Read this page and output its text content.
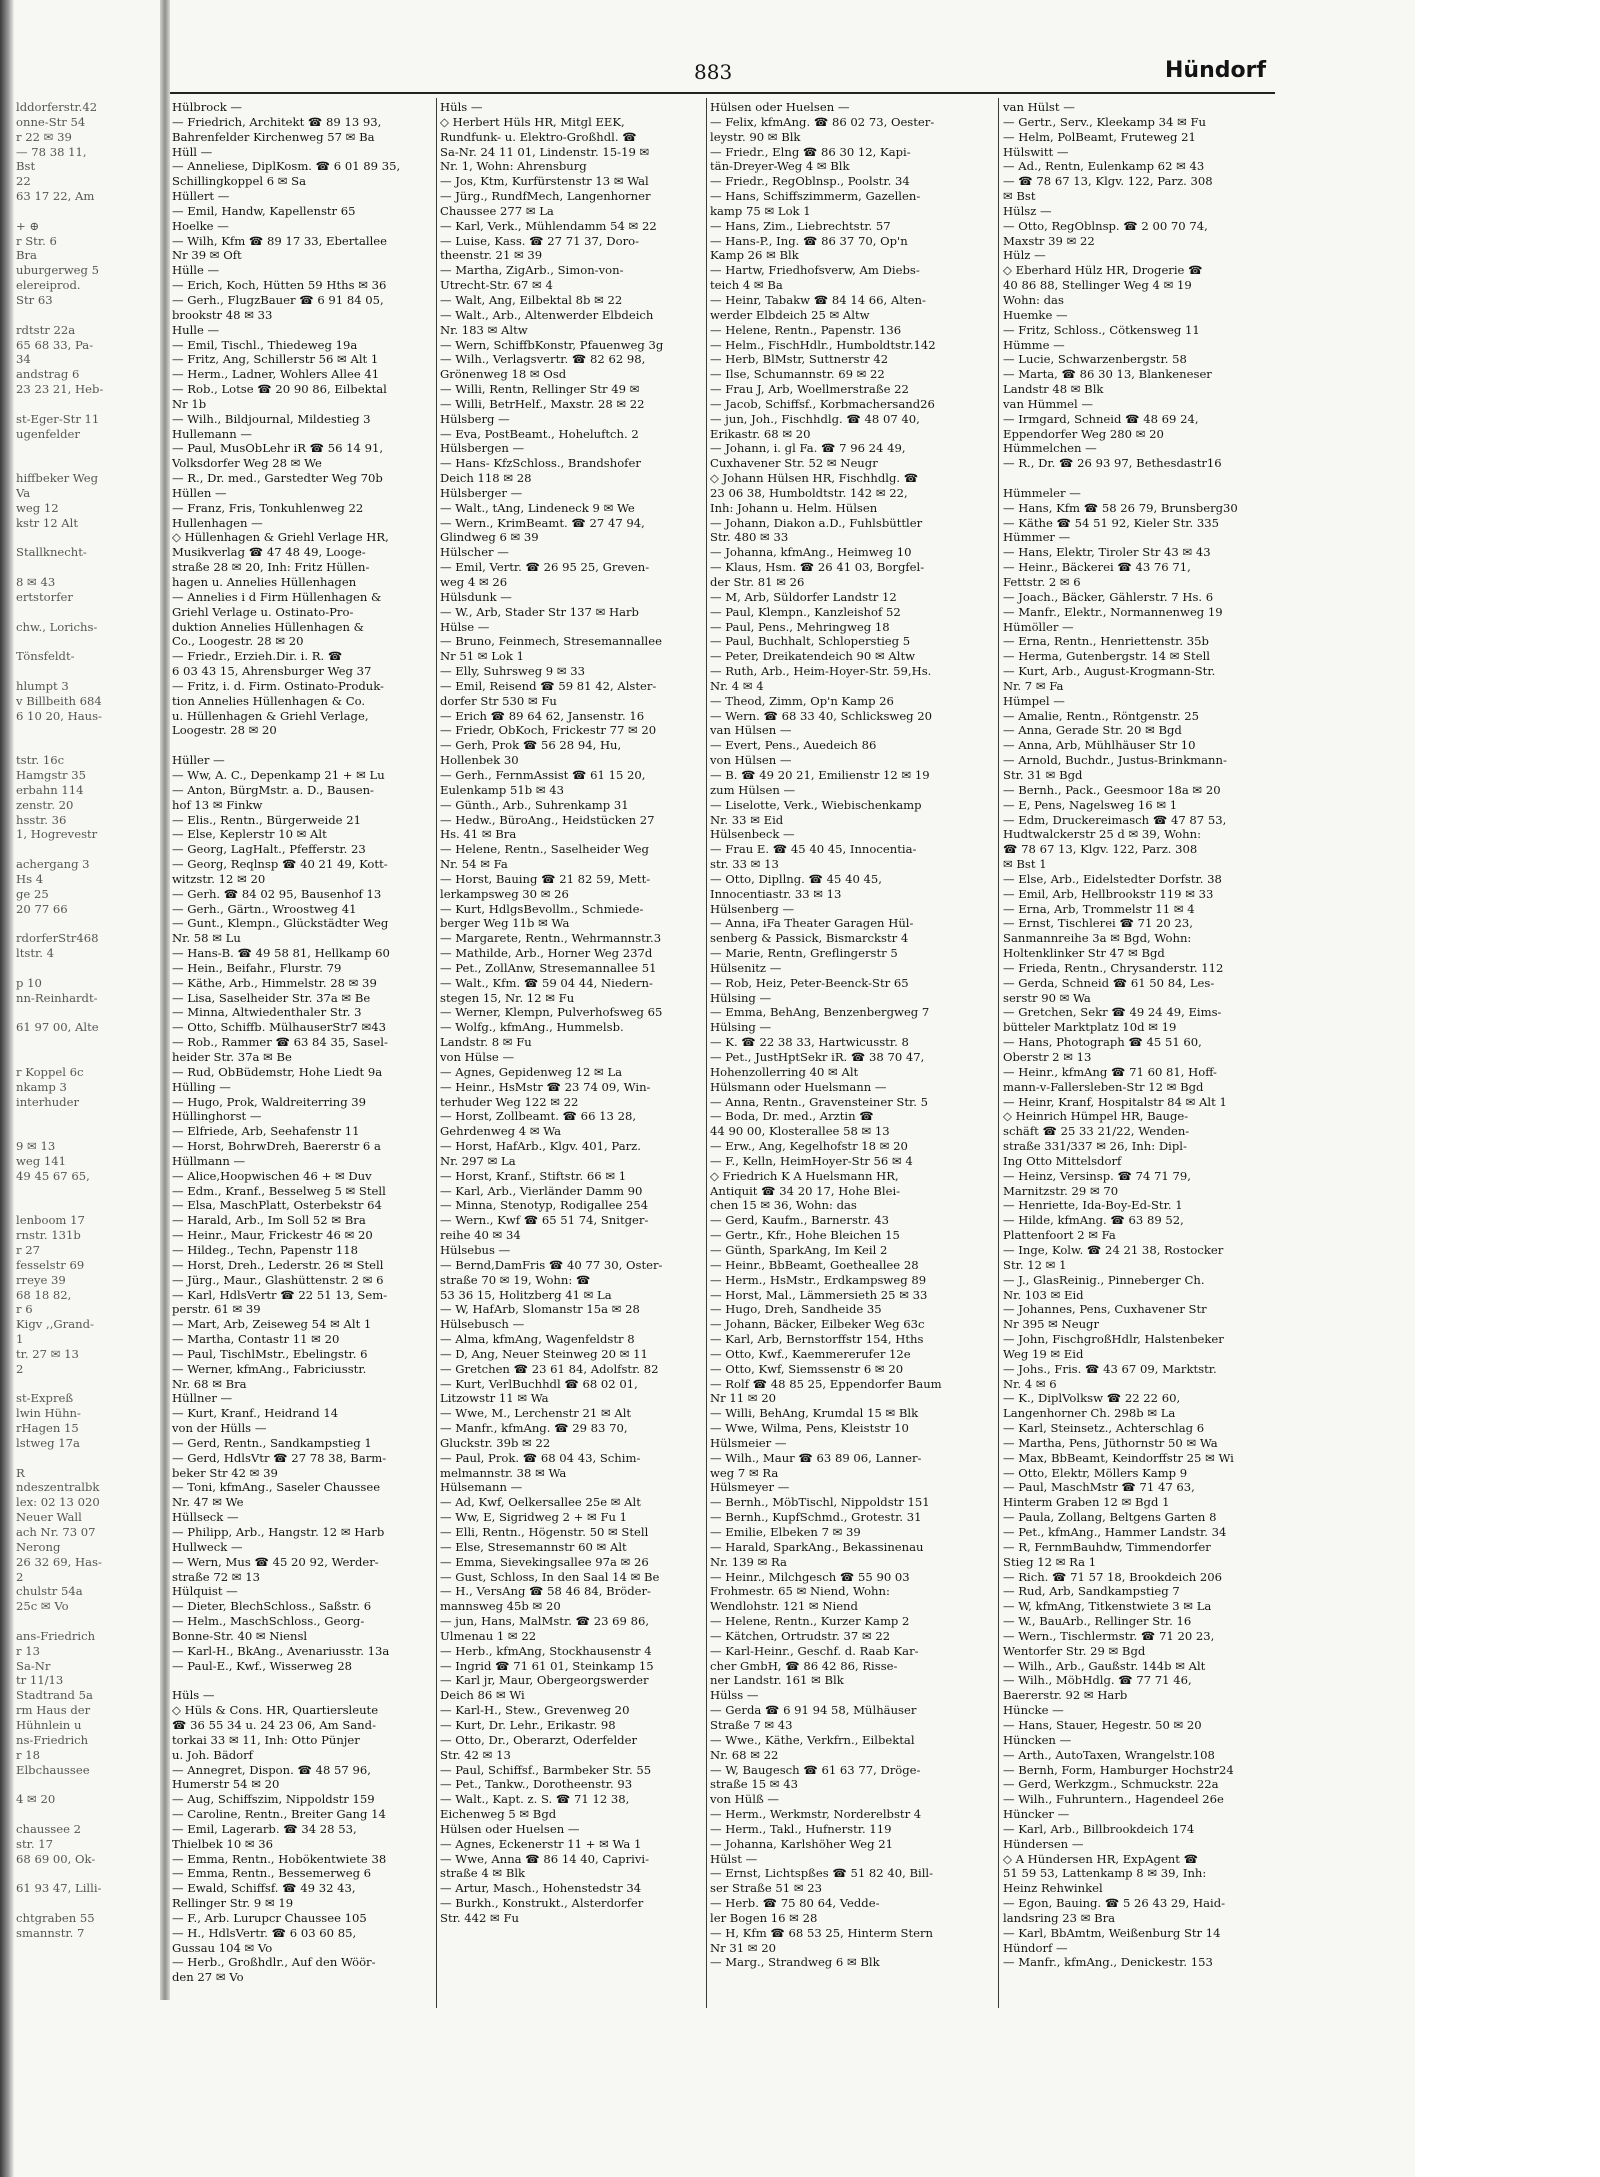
883	Hündorf
lddorferstr.42
onne-Str 54
r 22 ✉ 39
— 78 38 11,
Bst
22
63 17 22, Am

+ ⊕
r Str. 6
Bra
uburgerweg 5
elereiprod.
Str 63

rdtstr 22a
65 68 33, Pa-
34
andstrag 6
23 23 21, Heb-

st-Eger-Str 11
ugenfelder

hiffbeker Weg
Va
weg 12
kstr 12 Alt

Stallknecht-

8 ✉ 43
ertstorfer

chw., Lorichs-

Tönsfeldt-

hlumpt 3
v Billbeith 684
6 10 20, Haus-

tstr. 16c
Hamgstr 35
erbahn 114
zenstr. 20
hsstr. 36
1, Hogrevestr

achergang 3
Hs 4
ge 25
20 77 66

rdorferStr468
ltstr. 4

p 10
nn-Reinhardt-

61 97 00, Alte

r Koppel 6c
nkamp 3
interhuder

9 ✉ 13
weg 141
49 45 67 65,

lenboom 17
rnstr. 131b
r 27
fesselstr 69
rreye 39
68 18 82,
r 6
Kigv ,,Grand-
1
tr. 27 ✉ 13
2

st-Expreß
lwin Hühn-
rHagen 15
lstweg 17a

R
ndeszentralbk
lex: 02 13 020
Neuer Wall
ach Nr. 73 07
Nerong
26 32 69, Has-
2
chulstr 54a
25c ✉ Vo

ans-Friedrich
r 13
Sa-Nr
tr 11/13
Stadtrand 5a
rm Haus der
Hühnlein u
ns-Friedrich
r 18
Elbchaussee

4 ✉ 20

chaussee 2
str. 17
68 69 00, Ok-

61 93 47, Lilli-

chtgraben 55
smannstr. 7
Hülbrock —
— Friedrich, Architekt ☎ 89 13 93,
Bahrenfelder Kirchenweg 57 ✉ Ba
Hüll —
— Anneliese, DiplKosm. ☎ 6 01 89 35,
Schillingkoppel 6 ✉ Sa
Hüllert —
— Emil, Handw, Kapellenstr 65
Hoelke —
— Wilh, Kfm ☎ 89 17 33, Ebertallee
Nr 39 ✉ Oft
Hülle —
— Erich, Koch, Hütten 59 Hths ✉ 36
— Gerh., FlugzBauer ☎ 6 91 84 05,
brookstr 48 ✉ 33
Hulle —
— Emil, Tischl., Thiedeweg 19a
— Fritz, Ang, Schillerstr 56 ✉ Alt 1
— Herm., Ladner, Wohlers Allee 41
— Rob., Lotse ☎ 20 90 86, Eilbektal
Nr 1b
— Wilh., Bildjournal, Mildestieg 3
Hullemann —
— Paul, MusObLehr iR ☎ 56 14 91,
Volksdorfer Weg 28 ✉ We
— R., Dr. med., Garstedter Weg 70b
Hüllen —
— Franz, Fris, Tonkuhlenweg 22
Hullenhagen —
◇ Hüllenhagen & Griehl Verlage HR,
Musikverlag ☎ 47 48 49, Looge-
straße 28 ✉ 20, Inh: Fritz Hüllen-
hagen u. Annelies Hüllenhagen
— Annelies i d Firm Hüllenhagen &
Griehl Verlage u. Ostinato-Pro-
duktion Annelies Hüllenhagen &
Co., Loogestr. 28 ✉ 20
— Friedr., Erzieh.Dir. i. R. ☎
6 03 43 15, Ahrensburger Weg 37
— Fritz, i. d. Firm. Ostinato-Produk-
tion Annelies Hüllenhagen & Co.
u. Hüllenhagen & Griehl Verlage,
Loogestr. 28 ✉ 20

Hüller —
— Ww, A. C., Depenkamp 21 + ✉ Lu
— Anton, BürgMstr. a. D., Bausen-
hof 13 ✉ Finkw
— Elis., Rentn., Bürgerweide 21
— Else, Keplerstr 10 ✉ Alt
— Georg, LagHalt., Pfefferstr. 23
— Georg, Reqlnsp ☎ 40 21 49, Kott-
witzstr. 12 ✉ 20
— Gerh. ☎ 84 02 95, Bausenhof 13
— Gerh., Gärtn., Wroostweg 41
— Gunt., Klempn., Glückstädter Weg
Nr. 58 ✉ Lu
— Hans-B. ☎ 49 58 81, Hellkamp 60
— Hein., Beifahr., Flurstr. 79
— Käthe, Arb., Himmelstr. 28 ✉ 39
— Lisa, Saselheider Str. 37a ✉ Be
— Minna, Altwiedenthaler Str. 3
— Otto, Schiffb. MülhauserStr7 ✉43
— Rob., Rammer ☎ 63 84 35, Sasel-
heider Str. 37a ✉ Be
— Rud, ObBüdemstr, Hohe Liedt 9a
Hülling —
— Hugo, Prok, Waldreiterring 39
Hüllinghorst —
— Elfriede, Arb, Seehafenstr 11
— Horst, BohrwDreh, Baererstr 6 a
Hüllmann —
— Alice,Hoopwischen 46 + ✉ Duv
— Edm., Kranf., Besselweg 5 ✉ Stell
— Elsa, MaschPlatt, Osterbekstr 64
— Harald, Arb., Im Soll 52 ✉ Bra
— Heinr., Maur, Frickestr 46 ✉ 20
— Hildeg., Techn, Papenstr 118
— Horst, Dreh., Lederstr. 26 ✉ Stell
— Jürg., Maur., Glashüttenstr. 2 ✉ 6
— Karl, HdlsVertr ☎ 22 51 13, Sem-
perstr. 61 ✉ 39
— Mart, Arb, Zeiseweg 54 ✉ Alt 1
— Martha, Contastr 11 ✉ 20
— Paul, TischlMstr., Ebelingstr. 6
— Werner, kfmAng., Fabriciusstr.
Nr. 68 ✉ Bra
Hüllner —
— Kurt, Kranf., Heidrand 14
von der Hülls —
— Gerd, Rentn., Sandkampstieg 1
— Gerd, HdlsVtr ☎ 27 78 38, Barm-
beker Str 42 ✉ 39
— Toni, kfmAng., Saseler Chaussee
Nr. 47 ✉ We
Hüllseck —
— Philipp, Arb., Hangstr. 12 ✉ Harb
Hullweck —
— Wern, Mus ☎ 45 20 92, Werder-
straße 72 ✉ 13
Hülquist —
— Dieter, BlechSchloss., Saßstr. 6
— Helm., MaschSchloss., Georg-
Bonne-Str. 40 ✉ Niensl
— Karl-H., BkAng., Avenariusstr. 13a
— Paul-E., Kwf., Wisserweg 28

Hüls —
◇ Hüls & Cons. HR, Quartiersleute
☎ 36 55 34 u. 24 23 06, Am Sand-
torkai 33 ✉ 11, Inh: Otto Pünjer
u. Joh. Bädorf
— Annegret, Dispon. ☎ 48 57 96,
Humerstr 54 ✉ 20
— Aug, Schiffszim, Nippoldstr 159
— Caroline, Rentn., Breiter Gang 14
— Emil, Lagerarb. ☎ 34 28 53,
Thielbek 10 ✉ 36
— Emma, Rentn., Hobökentwiete 38
— Emma, Rentn., Bessemerweg 6
— Ewald, Schiffsf. ☎ 49 32 43,
Rellinger Str. 9 ✉ 19
— F., Arb. Lurupcr Chaussee 105
— H., HdlsVertr. ☎ 6 03 60 85,
Gussau 104 ✉ Vo
— Herb., Großhdlr., Auf den Wöör-
den 27 ✉ Vo
Hüls —
◇ Herbert Hüls HR, Mitgl EEK,
Rundfunk- u. Elektro-Großhdl. ☎
Sa-Nr. 24 11 01, Lindenstr. 15-19 ✉
Nr. 1, Wohn: Ahrensburg
— Jos, Ktm, Kurfürstenstr 13 ✉ Wal
— Jürg., RundfMech, Langenhorner
Chaussee 277 ✉ La
— Karl, Verk., Mühlendamm 54 ✉ 22
— Luise, Kass. ☎ 27 71 37, Doro-
theenstr. 21 ✉ 39
— Martha, ZigArb., Simon-von-
Utrecht-Str. 67 ✉ 4
— Walt, Ang, Eilbektal 8b ✉ 22
— Walt., Arb., Altenwerder Elbdeich
Nr. 183 ✉ Altw
— Wern, SchiffbKonstr, Pfauenweg 3g
— Wilh., Verlagsvertr. ☎ 82 62 98,
Grönenweg 18 ✉ Osd
— Willi, Rentn, Rellinger Str 49 ✉
— Willi, BetrHelf., Maxstr. 28 ✉ 22
Hülsberg —
— Eva, PostBeamt., Hoheluftch. 2
Hülsbergen —
— Hans- KfzSchloss., Brandshofer
Deich 118 ✉ 28
Hülsberger —
— Walt., tAng, Lindeneck 9 ✉ We
— Wern., KrimBeamt. ☎ 27 47 94,
Glindweg 6 ✉ 39
Hülscher —
— Emil, Vertr. ☎ 26 95 25, Greven-
weg 4 ✉ 26
Hülsdunk —
— W., Arb, Stader Str 137 ✉ Harb
Hülse —
— Bruno, Feinmech, Stresemannallee
Nr 51 ✉ Lok 1
— Elly, Suhrsweg 9 ✉ 33
— Emil, Reisend ☎ 59 81 42, Alster-
dorfer Str 530 ✉ Fu
— Erich ☎ 89 64 62, Jansenstr. 16
— Friedr, ObKoch, Frickestr 77 ✉ 20
— Gerh, Prok ☎ 56 28 94, Hu,
Hollenbek 30
— Gerh., FernmAssist ☎ 61 15 20,
Eulenkamp 51b ✉ 43
— Günth., Arb., Suhrenkamp 31
— Hedw., BüroAng., Heidstücken 27
Hs. 41 ✉ Bra
— Helene, Rentn., Saselheider Weg
Nr. 54 ✉ Fa
— Horst, Bauing ☎ 21 82 59, Mett-
lerkampsweg 30 ✉ 26
— Kurt, HdlgsBevollm., Schmiede-
berger Weg 11b ✉ Wa
— Margarete, Rentn., Wehrmannstr.3
— Mathilde, Arb., Horner Weg 237d
— Pet., ZollAnw, Stresemannallee 51
— Walt., Kfm. ☎ 59 04 44, Niedern-
stegen 15, Nr. 12 ✉ Fu
— Werner, Klempn, Pulverhofsweg 65
— Wolfg., kfmAng., Hummelsb.
Landstr. 8 ✉ Fu
von Hülse —
— Agnes, Gepidenweg 12 ✉ La
— Heinr., HsMstr ☎ 23 74 09, Win-
terhuder Weg 122 ✉ 22
— Horst, Zollbeamt. ☎ 66 13 28,
Gehrdenweg 4 ✉ Wa
— Horst, HafArb., Klgv. 401, Parz.
Nr. 297 ✉ La
— Horst, Kranf., Stiftstr. 66 ✉ 1
— Karl, Arb., Vierländer Damm 90
— Minna, Stenotyp, Rodigallee 254
— Wern., Kwf ☎ 65 51 74, Snitger-
reihe 40 ✉ 34
Hülsebus —
— Bernd,DamFris ☎ 40 77 30, Oster-
straße 70 ✉ 19, Wohn: ☎
53 36 15, Holitzberg 41 ✉ La
— W, HafArb, Slomanstr 15a ✉ 28
Hülsebusch —
— Alma, kfmAng, Wagenfeldstr 8
— D, Ang, Neuer Steinweg 20 ✉ 11
— Gretchen ☎ 23 61 84, Adolfstr. 82
— Kurt, VerlBuchhdl ☎ 68 02 01,
Litzowstr 11 ✉ Wa
— Wwe, M., Lerchenstr 21 ✉ Alt
— Manfr., kfmAng. ☎ 29 83 70,
Gluckstr. 39b ✉ 22
— Paul, Prok. ☎ 68 04 43, Schim-
melmannstr. 38 ✉ Wa
Hülsemann —
— Ad, Kwf, Oelkersallee 25e ✉ Alt
— Ww, E, Sigridweg 2 + ✉ Fu 1
— Elli, Rentn., Högenstr. 50 ✉ Stell
— Else, Stresemannstr 60 ✉ Alt
— Emma, Sievekingsallee 97a ✉ 26
— Gust, Schloss, In den Saal 14 ✉ Be
— H., VersAng ☎ 58 46 84, Bröder-
mannsweg 45b ✉ 20
— jun, Hans, MalMstr. ☎ 23 69 86,
Ulmenau 1 ✉ 22
— Herb., kfmAng, Stockhausenstr 4
— Ingrid ☎ 71 61 01, Steinkamp 15
— Karl jr, Maur, Obergeorgswerder
Deich 86 ✉ Wi
— Karl-H., Stew., Grevenweg 20
— Kurt, Dr. Lehr., Erikastr. 98
— Otto, Dr., Oberarzt, Oderfelder
Str. 42 ✉ 13
— Paul, Schiffsf., Barmbeker Str. 55
— Pet., Tankw., Dorotheenstr. 93
— Walt., Kapt. z. S. ☎ 71 12 38,
Eichenweg 5 ✉ Bgd
Hülsen oder Huelsen —
— Agnes, Eckenerstr 11 + ✉ Wa 1
— Wwe, Anna ☎ 86 14 40, Caprivi-
straße 4 ✉ Blk
— Artur, Masch., Hohenstedstr 34
— Burkh., Konstrukt., Alsterdorfer
Str. 442 ✉ Fu
Hülsen oder Huelsen —
— Felix, kfmAng. ☎ 86 02 73, Oester-
leystr. 90 ✉ Blk
— Friedr., Elng ☎ 86 30 12, Kapi-
tän-Dreyer-Weg 4 ✉ Blk
— Friedr., RegOblnsp., Poolstr. 34
— Hans, Schiffszimmerm, Gazellen-
kamp 75 ✉ Lok 1
— Hans, Zim., Liebrechtstr. 57
— Hans-P., Ing. ☎ 86 37 70, Op'n
Kamp 26 ✉ Blk
— Hartw, Friedhofsverw, Am Diebs-
teich 4 ✉ Ba
— Heinr, Tabakw ☎ 84 14 66, Alten-
werder Elbdeich 25 ✉ Altw
— Helene, Rentn., Papenstr. 136
— Helm., FischHdlr., Humboldtstr.142
— Herb, BlMstr, Suttnerstr 42
— Ilse, Schumannstr. 69 ✉ 22
— Frau J, Arb, Woellmerstraße 22
— Jacob, Schiffsf., Korbmachersand26
— jun, Joh., Fischhdlg. ☎ 48 07 40,
Erikastr. 68 ✉ 20
— Johann, i. gl Fa. ☎ 7 96 24 49,
Cuxhavener Str. 52 ✉ Neugr
◇ Johann Hülsen HR, Fischhdlg. ☎
23 06 38, Humboldtstr. 142 ✉ 22,
Inh: Johann u. Helm. Hülsen
— Johann, Diakon a.D., Fuhlsbüttler
Str. 480 ✉ 33
— Johanna, kfmAng., Heimweg 10
— Klaus, Hsm. ☎ 26 41 03, Borgfel-
der Str. 81 ✉ 26
— M, Arb, Süldorfer Landstr 12
— Paul, Klempn., Kanzleishof 52
— Paul, Pens., Mehringweg 18
— Paul, Buchhalt, Schloperstieg 5
— Peter, Dreikatendeich 90 ✉ Altw
— Ruth, Arb., Heim-Hoyer-Str. 59,Hs.
Nr. 4 ✉ 4
— Theod, Zimm, Op'n Kamp 26
— Wern. ☎ 68 33 40, Schlicksweg 20
van Hülsen —
— Evert, Pens., Auedeich 86
von Hülsen —
— B. ☎ 49 20 21, Emilienstr 12 ✉ 19
zum Hülsen —
— Liselotte, Verk., Wiebischenkamp
Nr. 33 ✉ Eid
Hülsenbeck —
— Frau E. ☎ 45 40 45, Innocentia-
str. 33 ✉ 13
— Otto, Dipllng. ☎ 45 40 45,
Innocentiastr. 33 ✉ 13
Hülsenberg —
— Anna, iFa Theater Garagen Hül-
senberg & Passick, Bismarckstr 4
— Marie, Rentn, Greflingerstr 5
Hülsenitz —
— Rob, Heiz, Peter-Beenck-Str 65
Hülsing —
— Emma, BehAng, Benzenbergweg 7
Hülsing —
— K. ☎ 22 38 33, Hartwicusstr. 8
— Pet., JustHptSekr iR. ☎ 38 70 47,
Hohenzollerring 40 ✉ Alt
Hülsmann oder Huelsmann —
— Anna, Rentn., Gravensteiner Str. 5
— Boda, Dr. med., Arztin ☎
44 90 00, Klosterallee 58 ✉ 13
— Erw., Ang, Kegelhofstr 18 ✉ 20
— F., Kelln, HeimHoyer-Str 56 ✉ 4
◇ Friedrich K A Huelsmann HR,
Antiquit ☎ 34 20 17, Hohe Blei-
chen 15 ✉ 36, Wohn: das
— Gerd, Kaufm., Barnerstr. 43
— Gertr., Kfr., Hohe Bleichen 15
— Günth, SparkAng, Im Keil 2
— Heinr., BbBeamt, Goetheallee 28
— Herm., HsMstr., Erdkampsweg 89
— Horst, Mal., Lämmersieth 25 ✉ 33
— Hugo, Dreh, Sandheide 35
— Johann, Bäcker, Eilbeker Weg 63c
— Karl, Arb, Bernstorffstr 154, Hths
— Otto, Kwf., Kaemmererufer 12e
— Otto, Kwf, Siemssenstr 6 ✉ 20
— Rolf ☎ 48 85 25, Eppendorfer Baum
Nr 11 ✉ 20
— Willi, BehAng, Krumdal 15 ✉ Blk
— Wwe, Wilma, Pens, Kleiststr 10
Hülsmeier —
— Wilh., Maur ☎ 63 89 06, Lanner-
weg 7 ✉ Ra
Hülsmeyer —
— Bernh., MöbTischl, Nippoldstr 151
— Bernh., KupfSchmd., Grotestr. 31
— Emilie, Elbeken 7 ✉ 39
— Harald, SparkAng., Bekassinenau
Nr. 139 ✉ Ra
— Heinr., Milchgesch ☎ 55 90 03
Frohmestr. 65 ✉ Niend, Wohn:
Wendlohstr. 121 ✉ Niend
— Helene, Rentn., Kurzer Kamp 2
— Kätchen, Ortrudstr. 37 ✉ 22
— Karl-Heinr., Geschf. d. Raab Kar-
cher GmbH, ☎ 86 42 86, Risse-
ner Landstr. 161 ✉ Blk
Hülss —
— Gerda ☎ 6 91 94 58, Mülhäuser
Straße 7 ✉ 43
— Wwe., Käthe, Verkfrn., Eilbektal
Nr. 68 ✉ 22
— W, Baugesch ☎ 61 63 77, Dröge-
straße 15 ✉ 43
von Hülß —
— Herm., Werkmstr, Norderelbstr 4
— Herm., Takl., Hufnerstr. 119
— Johanna, Karlshöher Weg 21
Hülst —
— Ernst, Lichtspßes ☎ 51 82 40, Bill-
ser Straße 51 ✉ 23
— Herb. ☎ 75 80 64, Vedde-
ler Bogen 16 ✉ 28
— H, Kfm ☎ 68 53 25, Hinterm Stern
Nr 31 ✉ 20
— Marg., Strandweg 6 ✉ Blk
van Hülst —
— Gertr., Serv., Kleekamp 34 ✉ Fu
— Helm, PolBeamt, Fruteweg 21
Hülswitt —
— Ad., Rentn, Eulenkamp 62 ✉ 43
— ☎ 78 67 13, Klgv. 122, Parz. 308
✉ Bst
Hülsz —
— Otto, RegOblnsp. ☎ 2 00 70 74,
Maxstr 39 ✉ 22
Hülz —
◇ Eberhard Hülz HR, Drogerie ☎
40 86 88, Stellinger Weg 4 ✉ 19
Wohn: das
Huemke —
— Fritz, Schloss., Cötkensweg 11
Hümme —
— Lucie, Schwarzenbergstr. 58
— Marta, ☎ 86 30 13, Blankeneser
Landstr 48 ✉ Blk
van Hümmel —
— Irmgard, Schneid ☎ 48 69 24,
Eppendorfer Weg 280 ✉ 20
Hümmelchen —
— R., Dr. ☎ 26 93 97, Bethesdastr16

Hümmeler —
— Hans, Kfm ☎ 58 26 79, Brunsberg30
— Käthe ☎ 54 51 92, Kieler Str. 335
Hümmer —
— Hans, Elektr, Tiroler Str 43 ✉ 43
— Heinr., Bäckerei ☎ 43 76 71,
Fettstr. 2 ✉ 6
— Joach., Bäcker, Gählerstr. 7 Hs. 6
— Manfr., Elektr., Normannenweg 19
Hümöller —
— Erna, Rentn., Henriettenstr. 35b
— Herma, Gutenbergstr. 14 ✉ Stell
— Kurt, Arb., August-Krogmann-Str.
Nr. 7 ✉ Fa
Hümpel —
— Amalie, Rentn., Röntgenstr. 25
— Anna, Gerade Str. 20 ✉ Bgd
— Anna, Arb, Mühlhäuser Str 10
— Arnold, Buchdr., Justus-Brinkmann-
Str. 31 ✉ Bgd
— Bernh., Pack., Geesmoor 18a ✉ 20
— E, Pens, Nagelsweg 16 ✉ 1
— Edm, Druckereimasch ☎ 47 87 53,
Hudtwalckerstr 25 d ✉ 39, Wohn:
☎ 78 67 13, Klgv. 122, Parz. 308
✉ Bst 1
— Else, Arb., Eidelstedter Dorfstr. 38
— Emil, Arb, Hellbrookstr 119 ✉ 33
— Erna, Arb, Trommelstr 11 ✉ 4
— Ernst, Tischlerei ☎ 71 20 23,
Sanmannreihe 3a ✉ Bgd, Wohn:
Holtenklinker Str 47 ✉ Bgd
— Frieda, Rentn., Chrysanderstr. 112
— Gerda, Schneid ☎ 61 50 84, Les-
serstr 90 ✉ Wa
— Gretchen, Sekr ☎ 49 24 49, Eims-
bütteler Marktplatz 10d ✉ 19
— Hans, Photograph ☎ 45 51 60,
Oberstr 2 ✉ 13
— Heinr., kfmAng ☎ 71 60 81, Hoff-
mann-v-Fallersleben-Str 12 ✉ Bgd
— Heinr, Kranf, Hospitalstr 84 ✉ Alt 1
◇ Heinrich Hümpel HR, Bauge-
schäft ☎ 25 33 21/22, Wenden-
straße 331/337 ✉ 26, Inh: Dipl-
Ing Otto Mittelsdorf
— Heinz, Versinsp. ☎ 74 71 79,
Marnitzstr. 29 ✉ 70
— Henriette, Ida-Boy-Ed-Str. 1
— Hilde, kfmAng. ☎ 63 89 52,
Plattenfoort 2 ✉ Fa
— Inge, Kolw. ☎ 24 21 38, Rostocker
Str. 12 ✉ 1
— J., GlasReinig., Pinneberger Ch.
Nr. 103 ✉ Eid
— Johannes, Pens, Cuxhavener Str
Nr 395 ✉ Neugr
— John, FischgroßHdlr, Halstenbeker
Weg 19 ✉ Eid
— Johs., Fris. ☎ 43 67 09, Marktstr.
Nr. 4 ✉ 6
— K., DiplVolksw ☎ 22 22 60,
Langenhorner Ch. 298b ✉ La
— Karl, Steinsetz., Achterschlag 6
— Martha, Pens, Jüthornstr 50 ✉ Wa
— Max, BbBeamt, Keindorffstr 25 ✉ Wi
— Otto, Elektr, Möllers Kamp 9
— Paul, MaschMstr ☎ 71 47 63,
Hinterm Graben 12 ✉ Bgd 1
— Paula, Zollang, Beltgens Garten 8
— Pet., kfmAng., Hammer Landstr. 34
— R, FernmBauhdw, Timmendorfer
Stieg 12 ✉ Ra 1
— Rich. ☎ 71 57 18, Brookdeich 206
— Rud, Arb, Sandkampstieg 7
— W, kfmAng, Titkenstwiete 3 ✉ La
— W., BauArb., Rellinger Str. 16
— Wern., Tischlermstr. ☎ 71 20 23,
Wentorfer Str. 29 ✉ Bgd
— Wilh., Arb., Gaußstr. 144b ✉ Alt
— Wilh., MöbHdlg. ☎ 77 71 46,
Baererstr. 92 ✉ Harb
Hüncke —
— Hans, Stauer, Hegestr. 50 ✉ 20
Hüncken —
— Arth., AutoTaxen, Wrangelstr.108
— Bernh, Form, Hamburger Hochstr24
— Gerd, Werkzgm., Schmuckstr. 22a
— Wilh., Fuhruntern., Hagendeel 26e
Hüncker —
— Karl, Arb., Billbrookdeich 174
Hündersen —
◇ A Hündersen HR, ExpAgent ☎
51 59 53, Lattenkamp 8 ✉ 39, Inh:
Heinz Rehwinkel
— Egon, Bauing. ☎ 5 26 43 29, Haid-
landsring 23 ✉ Bra
— Karl, BbAmtm, Weißenburg Str 14
Hündorf —
— Manfr., kfmAng., Denickestr. 153
